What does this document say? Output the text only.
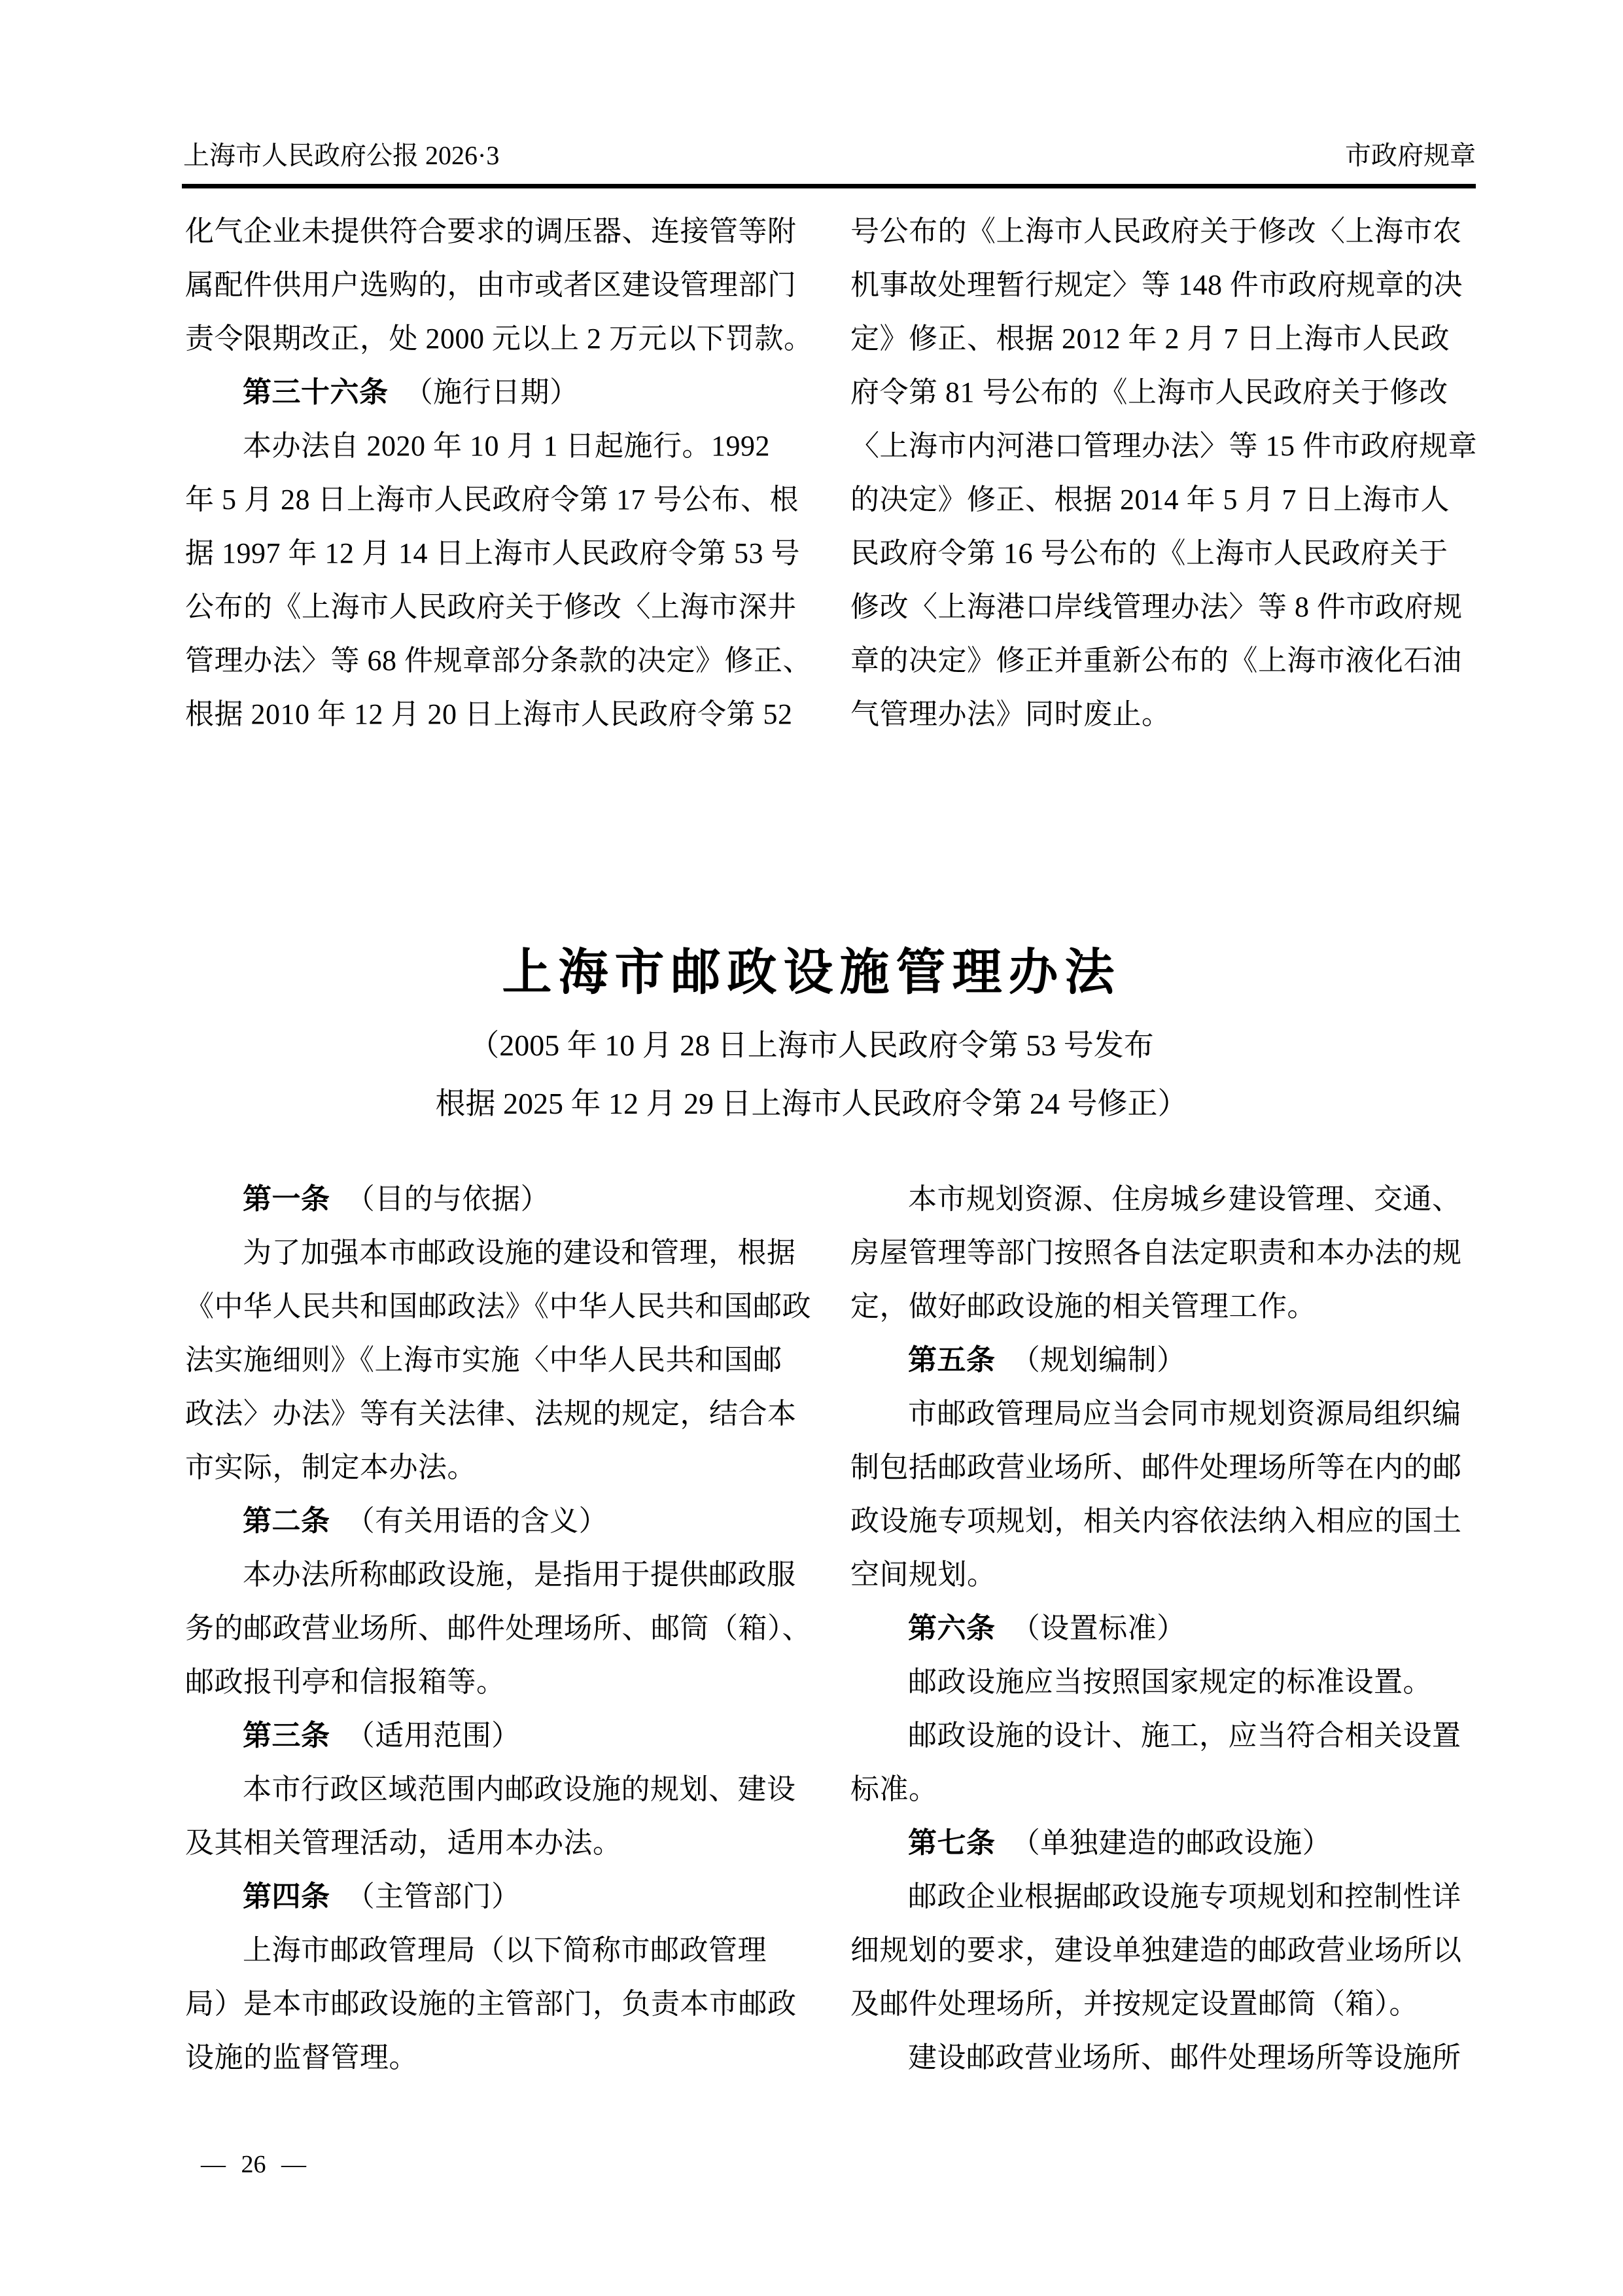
上海市人民政府公报 2026·3	市政府规章
化气企业未提供符合要求的调压器、连接管等附
属配件供用户选购的，由市或者区建设管理部门
责令限期改正，处 2000 元以上 2 万元以下罚款。
第三十六条 （施行日期）
本办法自 2020 年 10 月 1 日起施行。1992
年 5 月 28 日上海市人民政府令第 17 号公布、根
据 1997 年 12 月 14 日上海市人民政府令第 53 号
公布的《上海市人民政府关于修改〈上海市深井
管理办法〉等 68 件规章部分条款的决定》修正、
根据 2010 年 12 月 20 日上海市人民政府令第 52
号公布的《上海市人民政府关于修改〈上海市农
机事故处理暂行规定〉等 148 件市政府规章的决
定》修正、根据 2012 年 2 月 7 日上海市人民政
府令第 81 号公布的《上海市人民政府关于修改
〈上海市内河港口管理办法〉等 15 件市政府规章
的决定》修正、根据 2014 年 5 月 7 日上海市人
民政府令第 16 号公布的《上海市人民政府关于
修改〈上海港口岸线管理办法〉等 8 件市政府规
章的决定》修正并重新公布的《上海市液化石油
气管理办法》同时废止。
上海市邮政设施管理办法
（2005 年 10 月 28 日上海市人民政府令第 53 号发布
根据 2025 年 12 月 29 日上海市人民政府令第 24 号修正）
第一条 （目的与依据）
为了加强本市邮政设施的建设和管理，根据
《中华人民共和国邮政法》《中华人民共和国邮政
法实施细则》《上海市实施〈中华人民共和国邮
政法〉办法》等有关法律、法规的规定，结合本
市实际，制定本办法。
第二条 （有关用语的含义）
本办法所称邮政设施，是指用于提供邮政服
务的邮政营业场所、邮件处理场所、邮筒（箱）、
邮政报刊亭和信报箱等。
第三条 （适用范围）
本市行政区域范围内邮政设施的规划、建设
及其相关管理活动，适用本办法。
第四条 （主管部门）
上海市邮政管理局（以下简称市邮政管理
局）是本市邮政设施的主管部门，负责本市邮政
设施的监督管理。
本市规划资源、住房城乡建设管理、交通、
房屋管理等部门按照各自法定职责和本办法的规
定，做好邮政设施的相关管理工作。
第五条 （规划编制）
市邮政管理局应当会同市规划资源局组织编
制包括邮政营业场所、邮件处理场所等在内的邮
政设施专项规划，相关内容依法纳入相应的国土
空间规划。
第六条 （设置标准）
邮政设施应当按照国家规定的标准设置。
邮政设施的设计、施工，应当符合相关设置
标准。
第七条 （单独建造的邮政设施）
邮政企业根据邮政设施专项规划和控制性详
细规划的要求，建设单独建造的邮政营业场所以
及邮件处理场所，并按规定设置邮筒（箱）。
建设邮政营业场所、邮件处理场所等设施所
— 26 —
